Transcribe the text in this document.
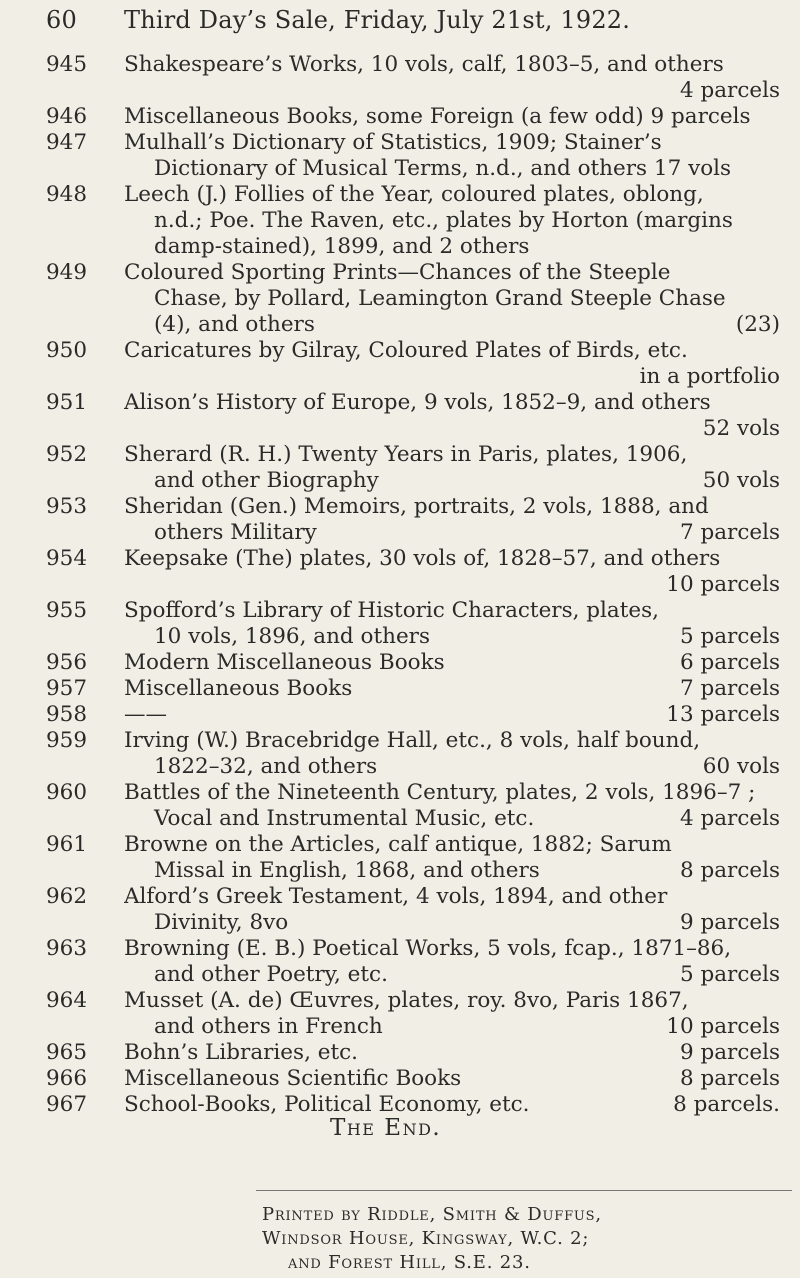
60	Third Day’s Sale, Friday, July 21st, 1922.
945	Shakespeare’s Works, 10 vols, calf, 1803–5, and others
4 parcels
946	Miscellaneous Books, some Foreign (a few odd) 9 parcels
947	Mulhall’s Dictionary of Statistics, 1909; Stainer’s
Dictionary of Musical Terms, n.d., and others 17 vols
948	Leech (J.) Follies of the Year, coloured plates, oblong,
n.d.; Poe. The Raven, etc., plates by Horton (margins
damp-stained), 1899, and 2 others
949	Coloured Sporting Prints—Chances of the Steeple
Chase, by Pollard, Leamington Grand Steeple Chase
(4), and others	(23)
950	Caricatures by Gilray, Coloured Plates of Birds, etc.
in a portfolio
951	Alison’s History of Europe, 9 vols, 1852–9, and others
52 vols
952	Sherard (R. H.) Twenty Years in Paris, plates, 1906,
and other Biography	50 vols
953	Sheridan (Gen.) Memoirs, portraits, 2 vols, 1888, and
others Military	7 parcels
954	Keepsake (The) plates, 30 vols of, 1828–57, and others
10 parcels
955	Spofford’s Library of Historic Characters, plates,
10 vols, 1896, and others	5 parcels
956	Modern Miscellaneous Books	6 parcels
957	Miscellaneous Books	7 parcels
958	——	13 parcels
959	Irving (W.) Bracebridge Hall, etc., 8 vols, half bound,
1822–32, and others	60 vols
960	Battles of the Nineteenth Century, plates, 2 vols, 1896–7 ;
Vocal and Instrumental Music, etc.	4 parcels
961	Browne on the Articles, calf antique, 1882; Sarum
Missal in English, 1868, and others	8 parcels
962	Alford’s Greek Testament, 4 vols, 1894, and other
Divinity, 8vo	9 parcels
963	Browning (E. B.) Poetical Works, 5 vols, fcap., 1871–86,
and other Poetry, etc.	5 parcels
964	Musset (A. de) Œuvres, plates, roy. 8vo, Paris 1867,
and others in French	10 parcels
965	Bohn’s Libraries, etc.	9 parcels
966	Miscellaneous Scientific Books	8 parcels
967	School-Books, Political Economy, etc.	8 parcels.
The End.
Printed by Riddle, Smith & Duffus,
Windsor House, Kingsway, W.C. 2;
and Forest Hill, S.E. 23.
